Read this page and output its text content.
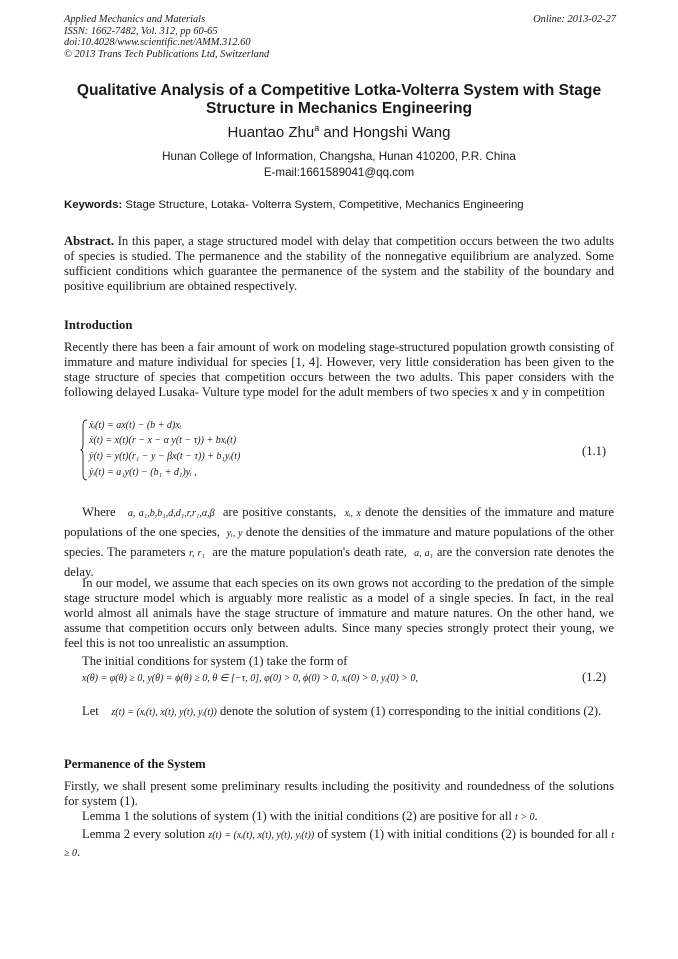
Applied Mechanics and Materials
ISSN: 1662-7482, Vol. 312, pp 60-65
doi:10.4028/www.scientific.net/AMM.312.60
© 2013 Trans Tech Publications Ltd, Switzerland
Online: 2013-02-27
Qualitative Analysis of a Competitive Lotka-Volterra System with Stage
Structure in Mechanics Engineering
Huantao Zhu$^a$ and Hongshi Wang
Hunan College of Information, Changsha, Hunan 410200, P.R. China
E-mail:1661589041@qq.com
Keywords: Stage Structure, Lotaka- Volterra System, Competitive, Mechanics Engineering
Abstract. In this paper, a stage structured model with delay that competition occurs between the two adults of species is studied. The permanence and the stability of the nonnegative equilibrium are analyzed. Some sufficient conditions which guarantee the permanence of the system and the stability of the boundary and positive equilibrium are obtained respectively.
Introduction
Recently there has been a fair amount of work on modeling stage-structured population growth consisting of immature and mature individual for species [1, 4]. However, very little consideration has been given to the stage structure of species that competition occurs between the two adults. This paper considers with the following delayed Lusaka- Vulture type model for the adult members of two species x and y in competition
ẋᵢ(t) = ax(t) − (b + d)xᵢ
ẋ(t) = x(t)(r − x − α y(t − τ)) + bxᵢ(t)
ẏ(t) = y(t)(r₁ − y − βx(t − τ)) + b₁yᵢ(t)
ẏᵢ(t) = a₁y(t) − (b₁ + d₁)yᵢ ,
(1.1)
Where a, a₁,b,b₁,d,d₁,r,r₁,α,β are positive constants, xᵢ, x denote the densities of the immature and mature populations of the one species, yᵢ, y denote the densities of the immature and mature populations of the other species. The parameters r, r₁ are the mature population's death rate, a, a₁ are the conversion rate denotes the delay.
In our model, we assume that each species on its own grows not according to the predation of the simple stage structure model which is arguably more realistic as a model of a single species. In fact, in the real world almost all animals have the stage structure of immature and mature natures. On the other hand, we assume that competition occurs only between adults. Since many species strongly protect their young, we feel this is not too unrealistic an assumption.
The initial conditions for system (1) take the form of
x(θ) = φ(θ) ≥ 0, y(θ) = ϕ(θ) ≥ 0, θ ∈ [−τ, 0], φ(0) > 0, ϕ(0) > 0, xᵢ(0) > 0, yᵢ(0) > 0,	(1.2)
Let z(t) = (xᵢ(t), x(t), y(t), yᵢ(t)) denote the solution of system (1) corresponding to the initial conditions (2).
Permanence of the System
Firstly, we shall present some preliminary results including the positivity and roundedness of the solutions for system (1).
Lemma 1 the solutions of system (1) with the initial conditions (2) are positive for all t > 0.
Lemma 2 every solution z(t) = (xᵢ(t), x(t), y(t), yᵢ(t)) of system (1) with initial conditions (2) is bounded for all t ≥ 0.
